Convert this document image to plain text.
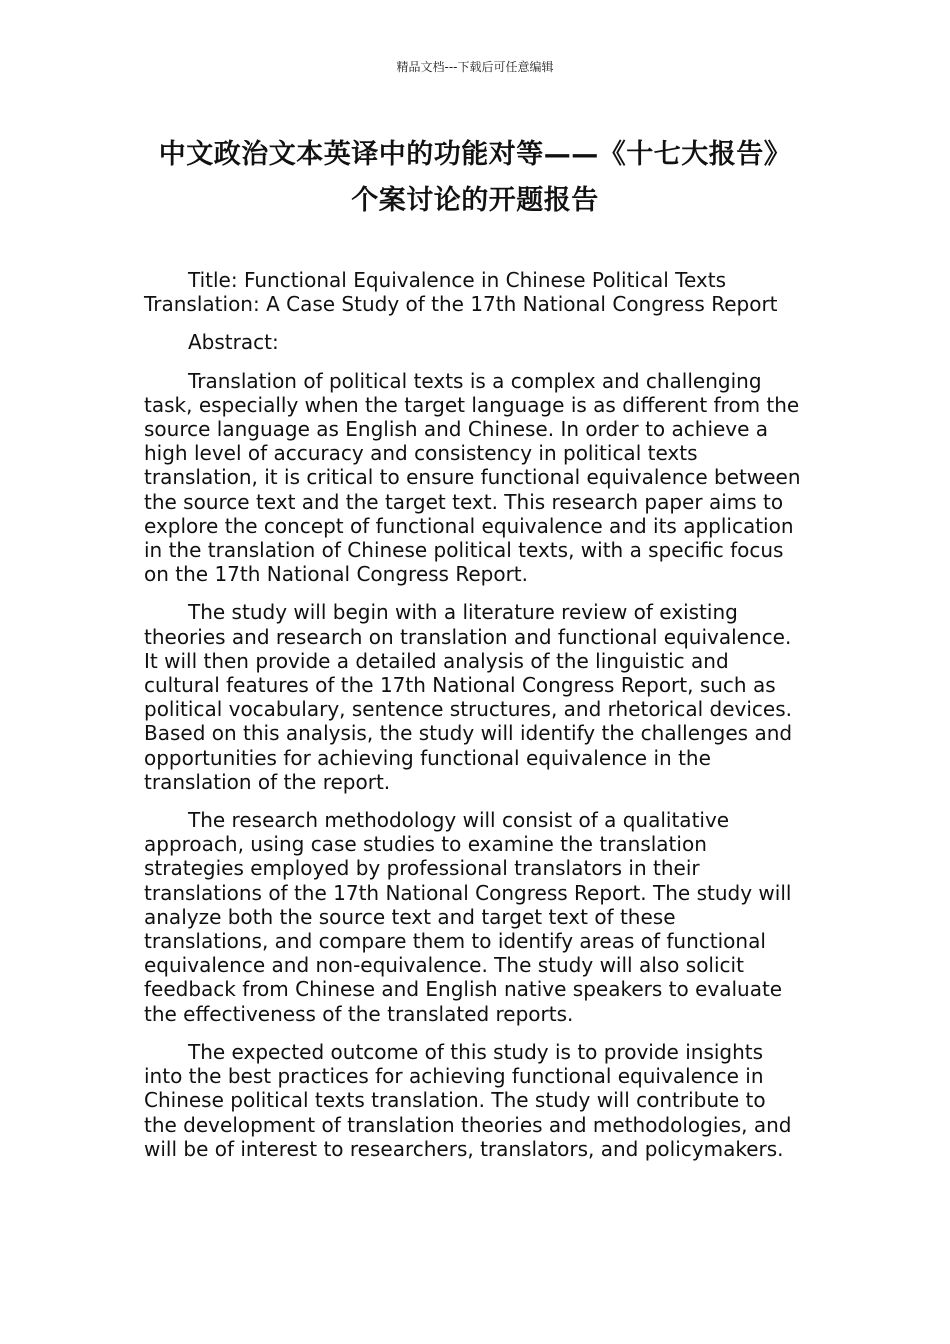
精品文档---下载后可任意编辑
中文政治文本英译中的功能对等——《十七大报告》
个案讨论的开题报告

Title: Functional Equivalence in Chinese Political Texts Translation: A Case Study of the 17th National Congress Report

Abstract:

Translation of political texts is a complex and challenging task, especially when the target language is as different from the source language as English and Chinese. In order to achieve a high level of accuracy and consistency in political texts translation, it is critical to ensure functional equivalence between the source text and the target text. This research paper aims to explore the concept of functional equivalence and its application in the translation of Chinese political texts, with a specific focus on the 17th National Congress Report.

The study will begin with a literature review of existing theories and research on translation and functional equivalence. It will then provide a detailed analysis of the linguistic and cultural features of the 17th National Congress Report, such as political vocabulary, sentence structures, and rhetorical devices. Based on this analysis, the study will identify the challenges and opportunities for achieving functional equivalence in the translation of the report.

The research methodology will consist of a qualitative approach, using case studies to examine the translation strategies employed by professional translators in their translations of the 17th National Congress Report. The study will analyze both the source text and target text of these translations, and compare them to identify areas of functional equivalence and non-equivalence. The study will also solicit feedback from Chinese and English native speakers to evaluate the effectiveness of the translated reports.

The expected outcome of this study is to provide insights into the best practices for achieving functional equivalence in Chinese political texts translation. The study will contribute to the development of translation theories and methodologies, and will be of interest to researchers, translators, and policymakers.
